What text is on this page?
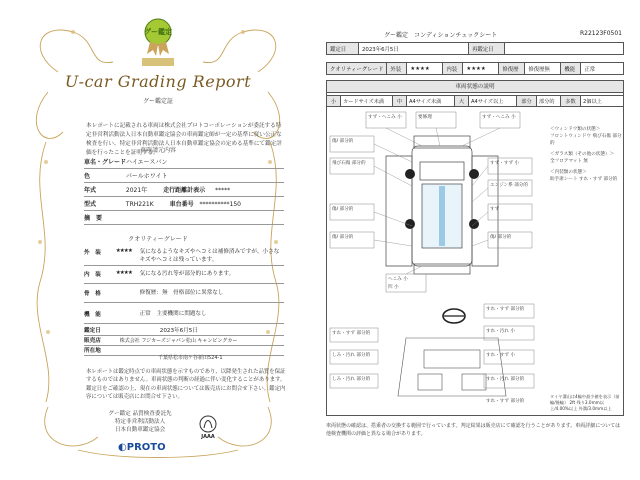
グー鑑定
U-car Grading Report
グー鑑定証
本レポートに記載される車両は株式会社プロトコーポレーションが委託する特定非営利活動法人日本自動車鑑定協会の車両鑑定師が一定の基準に従い公正な検査を行い、特定非営利活動法人日本自動車鑑定協会の定める基準にて鑑定評価を行ったことを証明する。
車両請元内容
車名・グレード ハイエースバン
色	パールホワイト
年式	2021年	走行距離計表示 *****
型式	TRH221K	車台番号 **********150
摘　要
クオリティーグレード
外　装	★★★★ 気になるようなキズやヘコミは補修済みですが、小さなキズやヘコミは残っています。
内　装	★★★★ 気になる汚れ等が部分的にあります。
骨　格	修復歴：無　骨格部位に異常なし
機　能	正常　主要機関に問題なし
鑑定日	2023年6月5日
販売店	株式会社 フジカーズジャパン松山 キャンピングカー
所在地
千葉県松市南ケ谷新田524-1
本レポートは鑑定時点での車両状態を示すものであり、以降発生された品質を保証するものではありません。車両状態の判断の経過に伴い変化することがあります。鑑定日をご確認の上、現在の車両状態については販売店にお問合せ下さい。鑑定内容については販売店にお問合せ下さい。
グー鑑定 品質検査委託先
特定非営利活動法人
日本自動車鑑定協会
JAAA
◐PROTO
グー鑑定　コンディションチェックシート	R22123F0501
鑑定日	2023年6月5日	再鑑定日	
クオリティーグレード	外装	★★★★	内装	★★★★	修復歴	修復歴無	機能	正常
車両状態の説明
小	カードサイズ未満	中	A4サイズ未満	大	A4サイズ以上	部分	部分的	多数	2個以上
すず・へこみ 小	要修理	すず・へこみ 小
傷/ 部分的
飛び石傷 部分的	すず・すず 小
エンジン系 部分的
傷/ 部分的	すず
傷/ 部分的	傷/ 部分的
へこみ 小
凹 小
すれ・すず 部分的
すれ・すず 部分的	すれ・汚れ 小
しみ・汚れ 部分的	すれ・すず 小
しみ・汚れ 部分的	すれ・汚れ 部分的
すれ・すず 部分的
＜ウィンドウ類の状態＞
フロントウィンドウ 飛び石傷 部分的
＜ガラス類（その他の状態）＞
全フロアマット 無
＜内装類の状態＞
助手席シート すれ・すず 部分的
タイヤ溝山は4輪中最少値を表示（前輪/後輪） 2ft 残り3.0mm以上/4.00%以上 外溝/3.0mm以上
車両状態の確認は、搭乗者の交換する範囲で行っています。判定結果は販売店にて確認を行うことがあります。車両詳細については他検査機関の評価と異なる場合があります。
